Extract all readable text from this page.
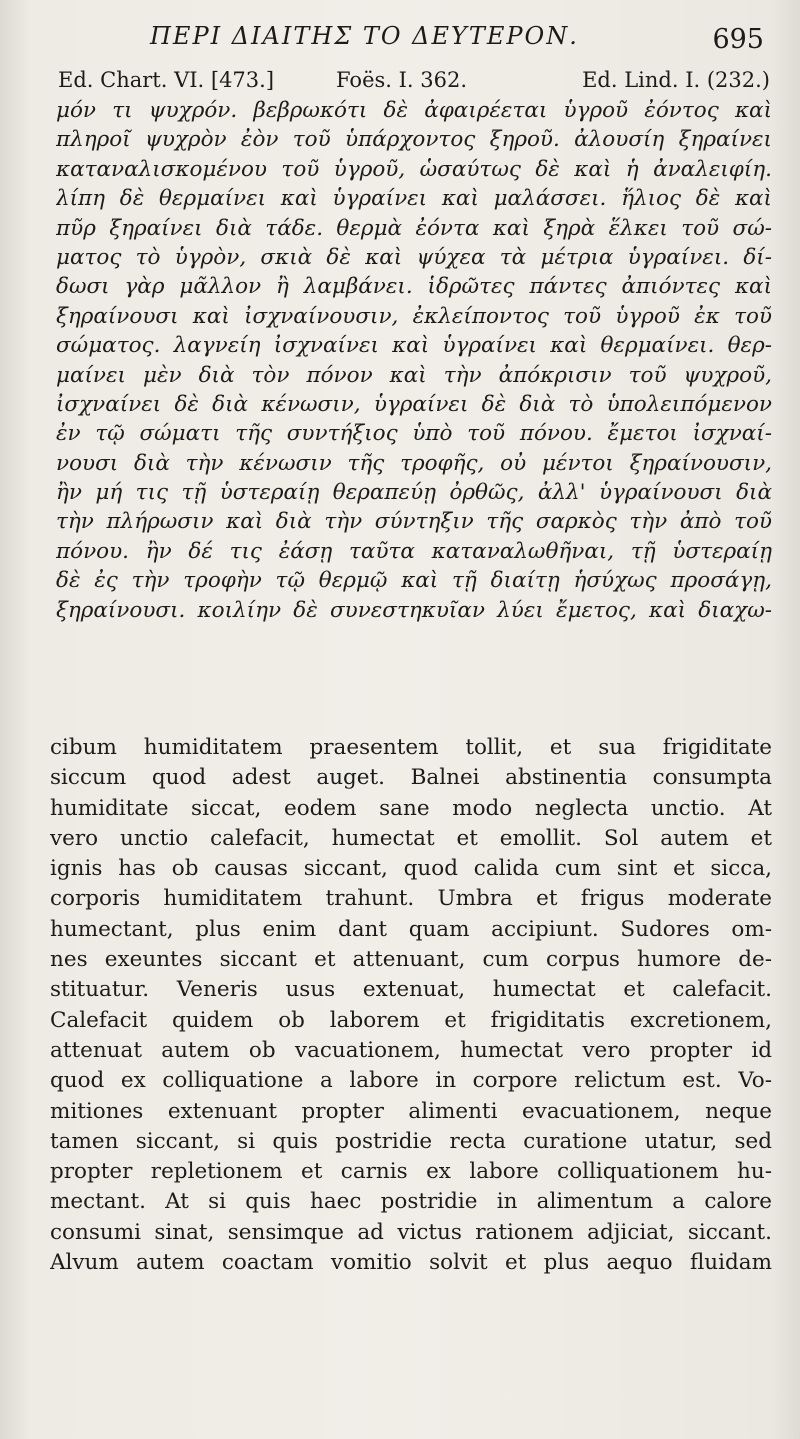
ΠΕΡΙ ΔΙΑΙΤΗΣ ΤΟ ΔΕΥΤΕΡΟΝ.	695
Ed. Chart. VI. [473.]	Foës. I. 362.	Ed. Lind. I. (232.)
μόν τι ψυχρόν. βεβρωκότι δὲ ἀφαιρέεται ὑγροῦ ἐόντος καὶ
πληροῖ ψυχρὸν ἐὸν τοῦ ὑπάρχοντος ξηροῦ. ἀλουσίη ξηραίνει
καταναλισκομένου τοῦ ὑγροῦ, ὡσαύτως δὲ καὶ ἡ ἀναλειφίη.
λίπη δὲ θερμαίνει καὶ ὑγραίνει καὶ μαλάσσει. ἥλιος δὲ καὶ
πῦρ ξηραίνει διὰ τάδε. θερμὰ ἐόντα καὶ ξηρὰ ἕλκει τοῦ σώ-
ματος τὸ ὑγρὸν, σκιὰ δὲ καὶ ψύχεα τὰ μέτρια ὑγραίνει. δί-
δωσι γὰρ μᾶλλον ἢ λαμβάνει. ἱδρῶτες πάντες ἀπιόντες καὶ
ξηραίνουσι καὶ ἰσχναίνουσιν, ἐκλείποντος τοῦ ὑγροῦ ἐκ τοῦ
σώματος. λαγνείη ἰσχναίνει καὶ ὑγραίνει καὶ θερμαίνει. θερ-
μαίνει μὲν διὰ τὸν πόνον καὶ τὴν ἀπόκρισιν τοῦ ψυχροῦ,
ἰσχναίνει δὲ διὰ κένωσιν, ὑγραίνει δὲ διὰ τὸ ὑπολειπόμενον
ἐν τῷ σώματι τῆς συντήξιος ὑπὸ τοῦ πόνου. ἔμετοι ἰσχναί-
νουσι διὰ τὴν κένωσιν τῆς τροφῆς, οὐ μέντοι ξηραίνουσιν,
ἢν μή τις τῇ ὑστεραίῃ θεραπεύῃ ὀρθῶς, ἀλλ' ὑγραίνουσι διὰ
τὴν πλήρωσιν καὶ διὰ τὴν σύντηξιν τῆς σαρκὸς τὴν ἀπὸ τοῦ
πόνου. ἢν δέ τις ἐάσῃ ταῦτα καταναλωθῆναι, τῇ ὑστεραίῃ
δὲ ἐς τὴν τροφὴν τῷ θερμῷ καὶ τῇ διαίτῃ ἡσύχως προσάγῃ,
ξηραίνουσι. κοιλίην δὲ συνεστηκυῖαν λύει ἔμετος, καὶ διαχω-
cibum humiditatem praesentem tollit, et sua frigiditate
siccum quod adest auget. Balnei abstinentia consumpta
humiditate siccat, eodem sane modo neglecta unctio. At
vero unctio calefacit, humectat et emollit. Sol autem et
ignis has ob causas siccant, quod calida cum sint et sicca,
corporis humiditatem trahunt. Umbra et frigus moderate
humectant, plus enim dant quam accipiunt. Sudores om-
nes exeuntes siccant et attenuant, cum corpus humore de-
stituatur. Veneris usus extenuat, humectat et calefacit.
Calefacit quidem ob laborem et frigiditatis excretionem,
attenuat autem ob vacuationem, humectat vero propter id
quod ex colliquatione a labore in corpore relictum est. Vo-
mitiones extenuant propter alimenti evacuationem, neque
tamen siccant, si quis postridie recta curatione utatur, sed
propter repletionem et carnis ex labore colliquationem hu-
mectant. At si quis haec postridie in alimentum a calore
consumi sinat, sensimque ad victus rationem adjiciat, siccant.
Alvum autem coactam vomitio solvit et plus aequo fluidam
